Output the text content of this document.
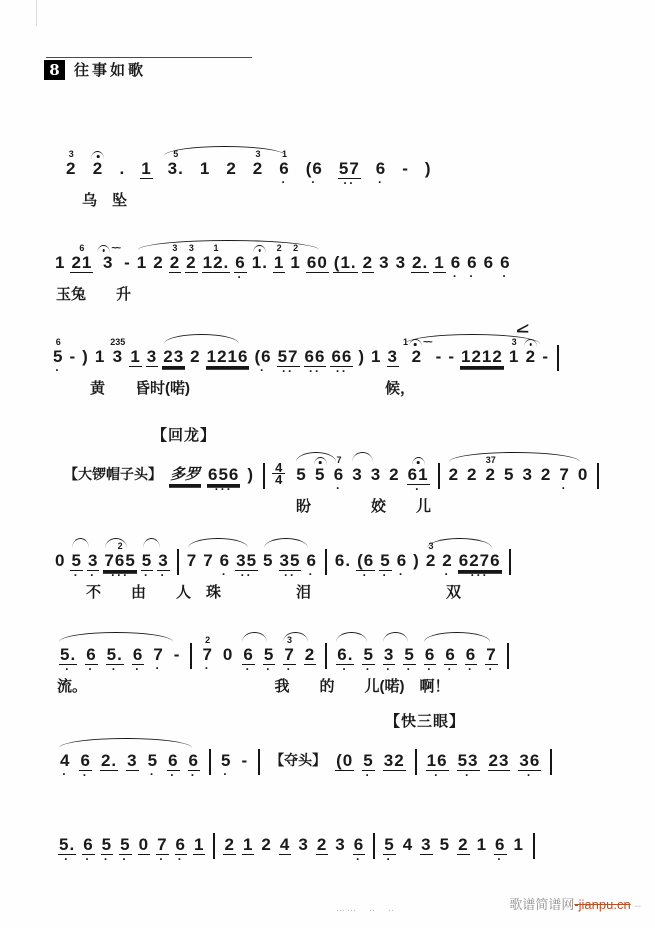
8 往事如歌
3
2 2 . 1
5
3. 1 2
3
2
1
6
·
(6
·
57
··
6
·
- )
乌　坠
1
6
21
~~
3 - 1 2
3
2
3
2
1
12. 6
·
1.
2
1
2
1 60 (1. 2 3 3 2. 1 6
·
6
·
6 6
·
玉兔　　升
<
6
5
·
- ) 1
235
3 1 3 23 2 1216 (6
·
57
··
66
··
66
··
) 1 3
1 ~~
2 - - 1212
3
1 2 -
黄　　昏时(喏)　　　　　　　　　　　　　候，
【回龙】
【大锣帽子头】 多罗 656
···
) 4
4 5 5
7
6
·
3 3 2 61
·
2 2
37
2 5 3 2 7
·
0
盼　　　　姣　　儿
0 5
·
3
·
2
765
···
5
·
3
·
7 7 6
·
35
··
5 35
··
6
·
6. (6
·
5
·
6
·
)
3
2 2
·
6276
···
不　　由　　人　珠　　　　　泪　　　　　　　　　双
5.
·
6
·
5.
·
6
·
7
·
-
2
7
·
0 6
·
5
·
3
7
·
2 6.
·
5
·
3
·
5
·
6
·
6
·
6
·
7
·
流。　　　　　　　　　　　　　我　　的　　儿(喏)　啊！
【快三眼】
4
·
6
·
2. 3 5
·
6
·
6
·
5
·
- 【夺头】 (0 5
·
32 16
·
53
·
23 36
·
5.
·
6
·
5
·
5
·
0 7
·
6
·
1 2 1 2 4 3 2 3 6
·
5
·
4 3 5 2 1 6
·
1
……　‥　‥	歌谱简谱网-jianpu.cn --
